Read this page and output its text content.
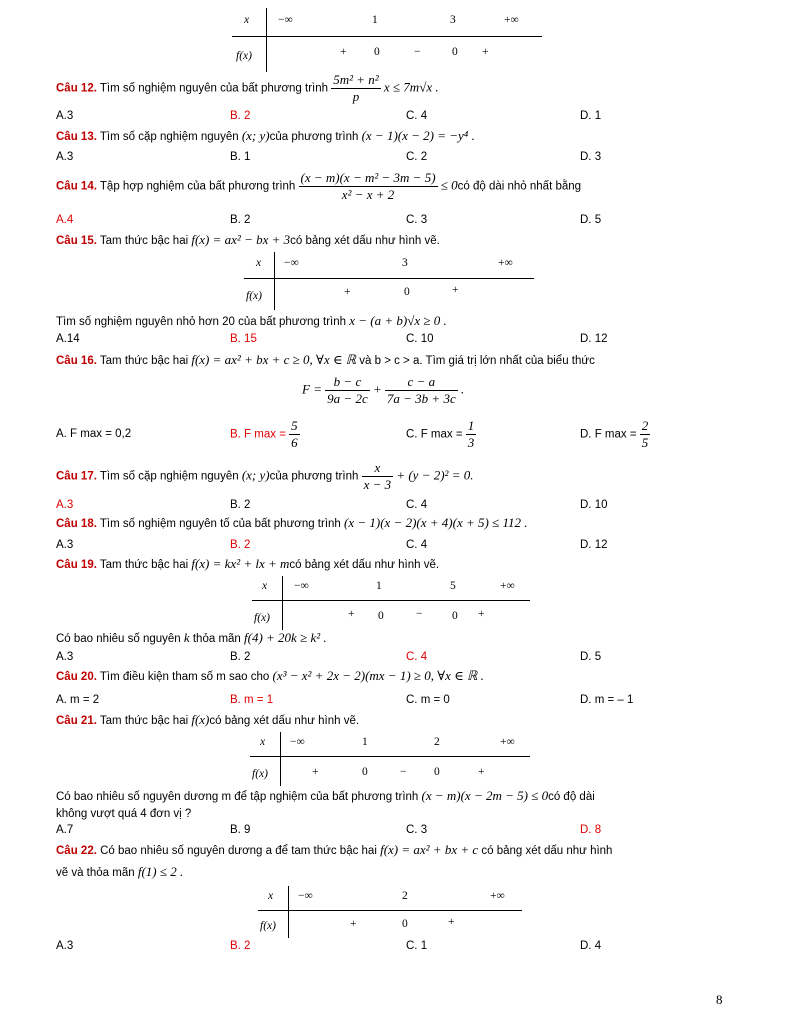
x	−∞	1	3	+∞
f(x)	+ 0	−	0 +
Câu 12. Tìm số nghiệm nguyên của bất phương trình $\frac{\text{5m² + n²}}{p}$ x ≤ 7m√x .
A.3	B. 2	C. 4	D. 1
Câu 13. Tìm số cặp nghiệm nguyên (x; y)của phương trình (x − 1)(x − 2) = −y⁴ .
A.3	B. 1	C. 2	D. 3
Câu 14. Tập hợp nghiệm của bất phương trình $\frac{\text{(x − m)(x − m² − 3m − 5)}}{\text{x² − x + 2}}$ ≤ 0có độ dài nhỏ nhất bằng
A.4	B. 2	C. 3	D. 5
Câu 15. Tam thức bậc hai f(x) = ax² − bx + 3có bảng xét dấu như hình vẽ.
x −∞	3	+∞
f(x)	+	0	+
Tìm số nghiệm nguyên nhỏ hơn 20 của bất phương trình x − (a + b)√x ≥ 0 .
A.14	B. 15	C. 10	D. 12
Câu 16. Tam thức bậc hai f(x) = ax² + bx + c ≥ 0, ∀x ∈ ℝ và b > c > a. Tìm giá trị lớn nhất của biểu thức
$F = \frac{b - c}{9a - 2c} + \frac{c - a}{7a - 3b + 3c}$ .
A. F max = 0,2	B. F $\max = \frac{5}{6}$	C. F $\max = \frac{1}{3}$	D. F $\max = \frac{2}{5}$
Câu 17. Tìm số cặp nghiệm nguyên (x; y)của phương trình $\frac{x}{x - 3} + (y - 2)^2 = 0$.
A.3	B. 2	C. 4	D. 10
Câu 18. Tìm số nghiệm nguyên tố của bất phương trình (x − 1)(x − 2)(x + 4)(x + 5) ≤ 112 .
A.3	B. 2	C. 4	D. 12
Câu 19. Tam thức bậc hai f(x) = kx² + lx + mcó bảng xét dấu như hình vẽ.
x −∞	1	5	+∞
f(x)	+ 0	−	0 +
Có bao nhiêu số nguyên k thỏa mãn f(4) + 20k ≥ k² .
A.3	B. 2	C. 4	D. 5
Câu 20. Tìm điều kiện tham số m sao cho (x³ − x² + 2x − 2)(mx − 1) ≥ 0, ∀x ∈ ℝ .
A. m = 2	B. m = 1	C. m = 0	D. m = – 1
Câu 21. Tam thức bậc hai f(x)có bảng xét dấu như hình vẽ.
x −∞	1	2	+∞
f(x)	+	0	− 0	+
Có bao nhiêu số nguyên dương m để tập nghiệm của bất phương trình (x − m)(x − 2m − 5) ≤ 0có độ dài
không vượt quá 4 đơn vị ?
A.7	B. 9	C. 3	D. 8
Câu 22. Có bao nhiêu số nguyên dương a để tam thức bậc hai f(x) = ax² + bx + c có bảng xét dấu như hình
vẽ và thỏa mãn f(1) ≤ 2 .
x −∞	2	+∞
f(x)	+	0	+
A.3	B. 2	C. 1	D. 4
8
